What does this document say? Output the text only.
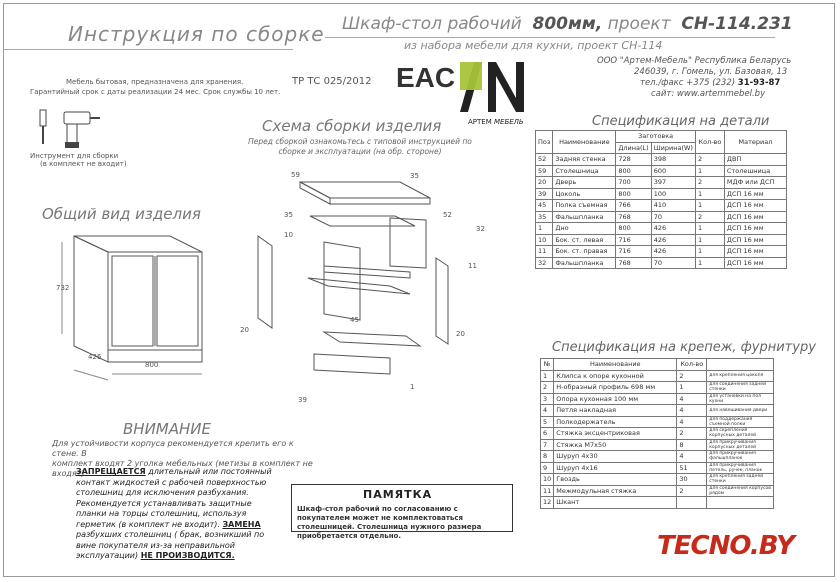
Инструкция по сборке Шкаф-стол рабочий 800мм, проект СН-114.231
из набора мебели для кухни, проект СН-114
Мебель бытовая, предназначена для хранения.
Гарантийный срок с даты реализации 24 мес. Срок службы 10 лет.
Инструмент для сборки
(в комплект не входит)
ТР ТС 025/2012 EAC
АРТЕМ МЕБЕЛЬ
ООО "Артем-Мебель" Республика Беларусь
246039, г. Гомель, ул. Базовая, 13
тел./факс +375 (232) 31-93-87
сайт: www.artemmebel.by
Спецификация на детали
Поз	Наименование	Заготовка		Кол-во	Материал
		Длина(L)	Ширина(W)		
52	Задняя стенка	728	398	2	ДВП
59	Столешница	800	600	1	Столешница
20	Дверь	700	397	2	МДФ или ДСП
39	Цоколь	800	100	1	ДСП 16 мм
45	Полка съемная	766	410	1	ДСП 16 мм
35	Фальшпланка	768	70	2	ДСП 16 мм
1	Дно	800	426	1	ДСП 16 мм
10	Бок. ст. левая	716	426	1	ДСП 16 мм
11	Бок. ст. правая	716	426	1	ДСП 16 мм
32	Фальшпланка	768	70	1	ДСП 16 мм
Общий вид изделия
732
426
800
Схема сборки изделия
Перед сборкой ознакомьтесь с типовой инструкцией по
сборке и эксплуатации (на обр. стороне)
59	35
52
35
10
32
11
45
20	20
1
39
Спецификация на крепеж, фурнитуру
№	Наименование	Кол-во	
1	Клипса к опоре кухонной	2	для крепления цоколя
2	Н-образный профиль 698 мм	1	для соединения задней стенки
3	Опора кухонная 100 мм	4	для установки на пол кухни
4	Петля накладная	4	для навешивания двери
5	Полкодержатель	4	для поддержания съемной полки
6	Стяжка эксцентриковая	2	для скрепления корпусных деталей
7	Стяжка М7х50	8	для прикручивания корпусных деталей
8	Шуруп 4х30	4	для прикручивания фальшпланок
9	Шуруп 4х16	51	для прикручивания петель, ручек, планок
10	Гвоздь	30	для крепления задней стенки
11	Межмодульная стяжка	2	для соединения корпусов рядом
12	Шкант		
ВНИМАНИЕ
Для устойчивости корпуса рекомендуется крепить его к стене. В
комплект входят 2 уголка мебельных (метизы в комплект не входят).
ЗАПРЕЩАЕТСЯ длительный или постоянный контакт жидкостей с рабочей поверхностью столешниц для исключения разбухания. Рекомендуется устанавливать защитные планки на торцы столешниц, используя герметик (в комплект не входит). ЗАМЕНА разбухших столешниц ( брак, возникший по вине покупателя из-за неправильной эксплуатации) НЕ ПРОИЗВОДИТСЯ.
ПАМЯТКА
Шкаф-стол рабочий по согласованию с покупателем может не комплектоваться столешницей. Столешница нужного размера приобретается отдельно.	TECNO.BY
